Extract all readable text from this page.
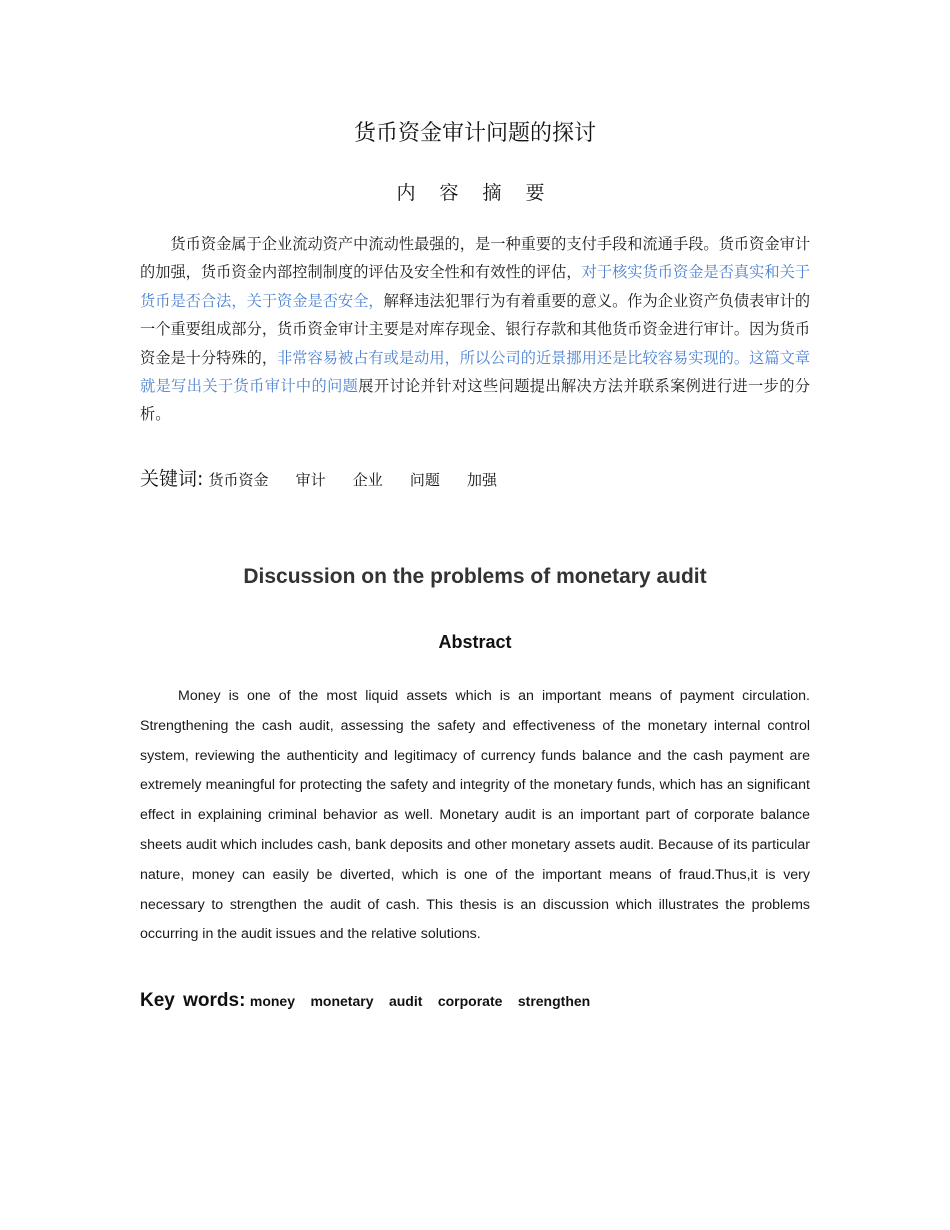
货币资金审计问题的探讨
内 容 摘 要

货币资金属于企业流动资产中流动性最强的，是一种重要的支付手段和流通手段。货币资金审计的加强，货币资金内部控制制度的评估及安全性和有效性的评估，对于核实货币资金是否真实和关于货币是否合法，关于资金是否安全，解释违法犯罪行为有着重要的意义。作为企业资产负债表审计的一个重要组成部分，货币资金审计主要是对库存现金、银行存款和其他货币资金进行审计。因为货币资金是十分特殊的，非常容易被占有或是动用，所以公司的近景挪用还是比较容易实现的。这篇文章就是写出关于货币审计中的问题展开讨论并针对这些问题提出解决方法并联系案例进行进一步的分析。

关键词: 货币资金 审计 企业 问题 加强
Discussion on the problems of monetary audit
Abstract

Money is one of the most liquid assets which is an important means of payment circulation. Strengthening the cash audit, assessing the safety and effectiveness of the monetary internal control system, reviewing the authenticity and legitimacy of currency funds balance and the cash payment are extremely meaningful for protecting the safety and integrity of the monetary funds, which has an significant effect in explaining criminal behavior as well. Monetary audit is an important part of corporate balance sheets audit which includes cash, bank deposits and other monetary assets audit. Because of its particular nature, money can easily be diverted, which is one of the important means of fraud.Thus,it is very necessary to strengthen the audit of cash. This thesis is an discussion which illustrates the problems occurring in the audit issues and the relative solutions.

Key words: money monetary audit corporate strengthen
